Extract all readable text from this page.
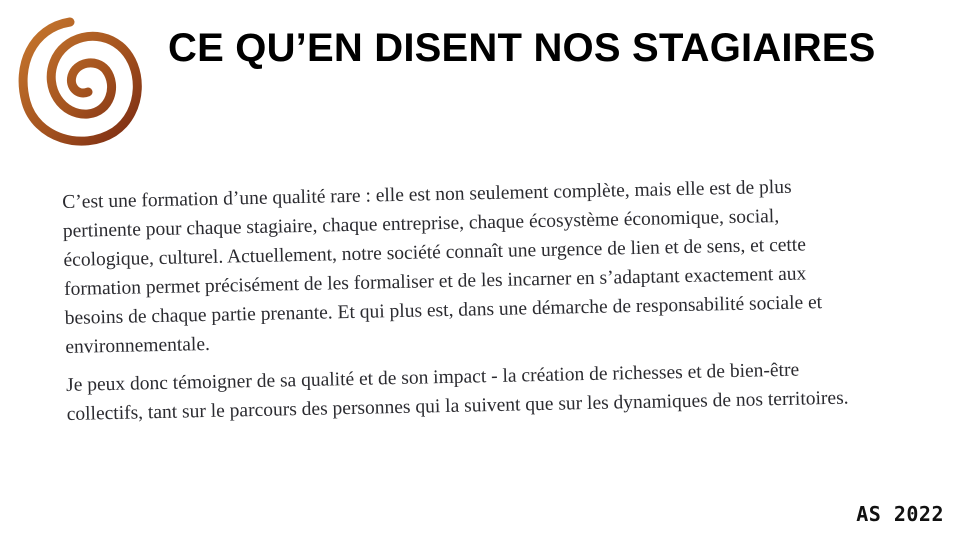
CE QU’EN DISENT NOS STAGIAIRES

C’est une formation d’une qualité rare : elle est non seulement complète, mais elle est de plus
pertinente pour chaque stagiaire, chaque entreprise, chaque écosystème économique, social,
écologique, culturel. Actuellement, notre société connaît une urgence de lien et de sens, et cette
formation permet précisément de les formaliser et de les incarner en s’adaptant exactement aux
besoins de chaque partie prenante. Et qui plus est, dans une démarche de responsabilité sociale et
environnementale.

Je peux donc témoigner de sa qualité et de son impact - la création de richesses et de bien-être
collectifs, tant sur le parcours des personnes qui la suivent que sur les dynamiques de nos territoires.

AS 2022
